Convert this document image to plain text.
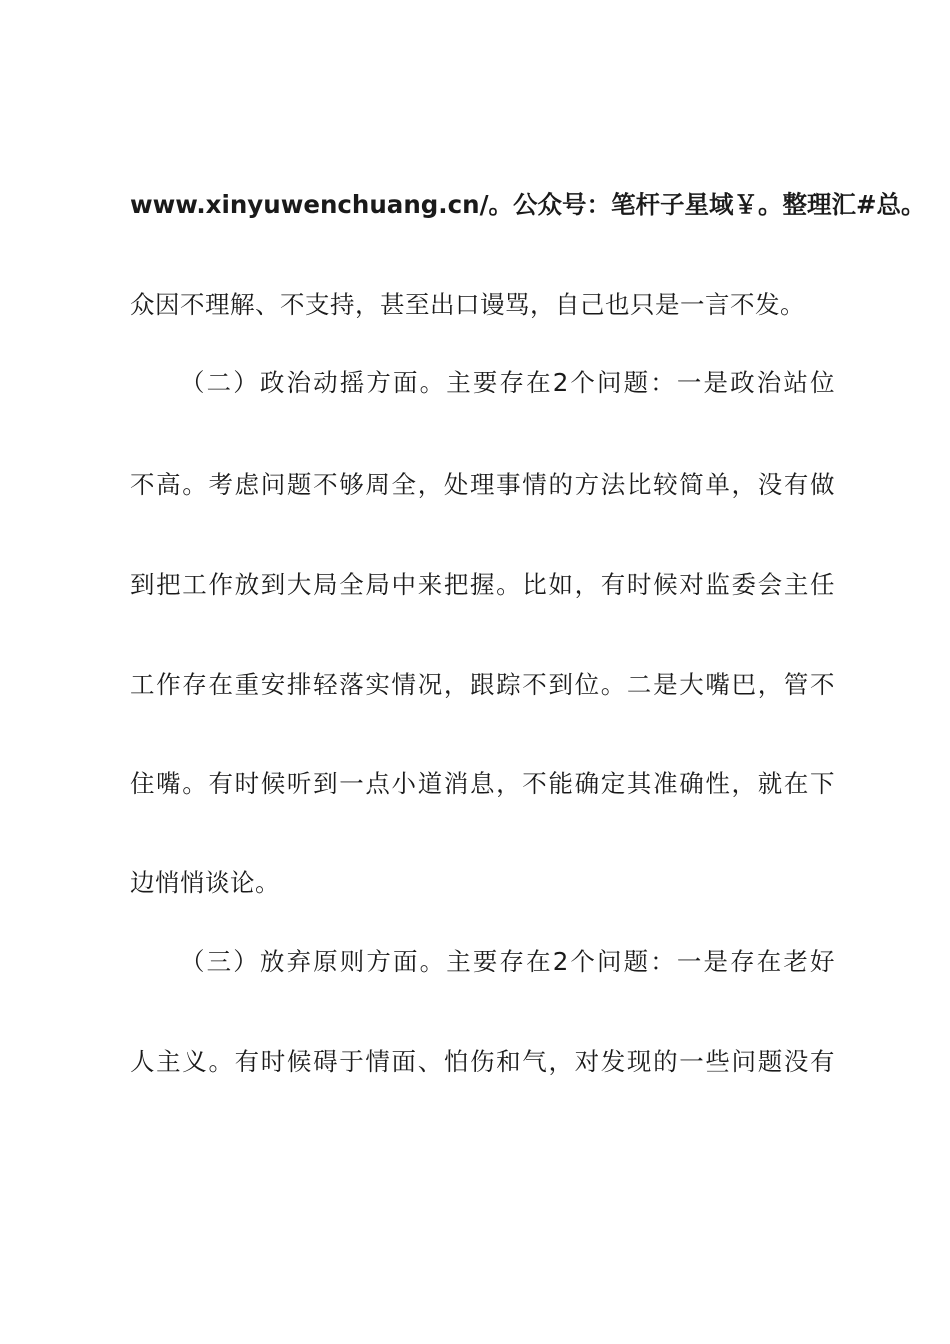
www.xinyuwenchuang.cn/。公众号：笔杆子星域￥。整理汇#总。
众因不理解、不支持，甚至出口谩骂，自己也只是一言不发。
（二）政治动摇方面。主要存在2个问题：一是政治站位
不高。考虑问题不够周全，处理事情的方法比较简单，没有做
到把工作放到大局全局中来把握。比如，有时候对监委会主任
工作存在重安排轻落实情况，跟踪不到位。二是大嘴巴，管不
住嘴。有时候听到一点小道消息，不能确定其准确性，就在下
边悄悄谈论。
（三）放弃原则方面。主要存在2个问题：一是存在老好
人主义。有时候碍于情面、怕伤和气，对发现的一些问题没有
